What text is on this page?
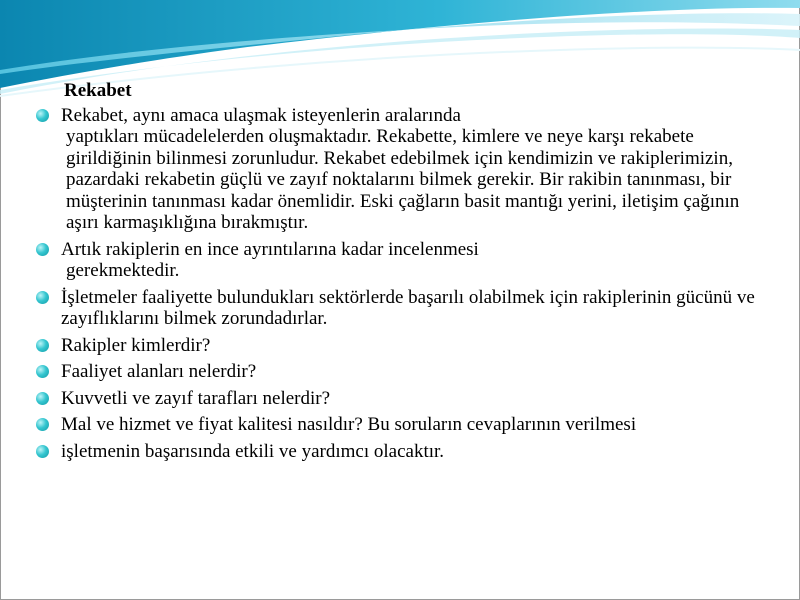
Rekabet
Rekabet, aynı amaca ulaşmak isteyenlerin aralarında
yaptıkları mücadelelerden oluşmaktadır. Rekabette, kimlere ve neye karşı rekabete girildiğinin bilinmesi zorunludur. Rekabet edebilmek için kendimizin ve rakiplerimizin, pazardaki rekabetin güçlü ve zayıf noktalarını bilmek gerekir. Bir rakibin tanınması, bir müşterinin tanınması kadar önemlidir. Eski çağların basit mantığı yerini, iletişim çağının aşırı karmaşıklığına bırakmıştır.
Artık rakiplerin en ince ayrıntılarına kadar incelenmesi
gerekmektedir.
İşletmeler faaliyette bulundukları sektörlerde başarılı olabilmek için rakiplerinin gücünü ve zayıflıklarını bilmek zorundadırlar.
Rakipler kimlerdir?
Faaliyet alanları nelerdir?
Kuvvetli ve zayıf tarafları nelerdir?
Mal ve hizmet ve fiyat kalitesi nasıldır? Bu soruların cevaplarının verilmesi
işletmenin başarısında etkili ve yardımcı olacaktır.
